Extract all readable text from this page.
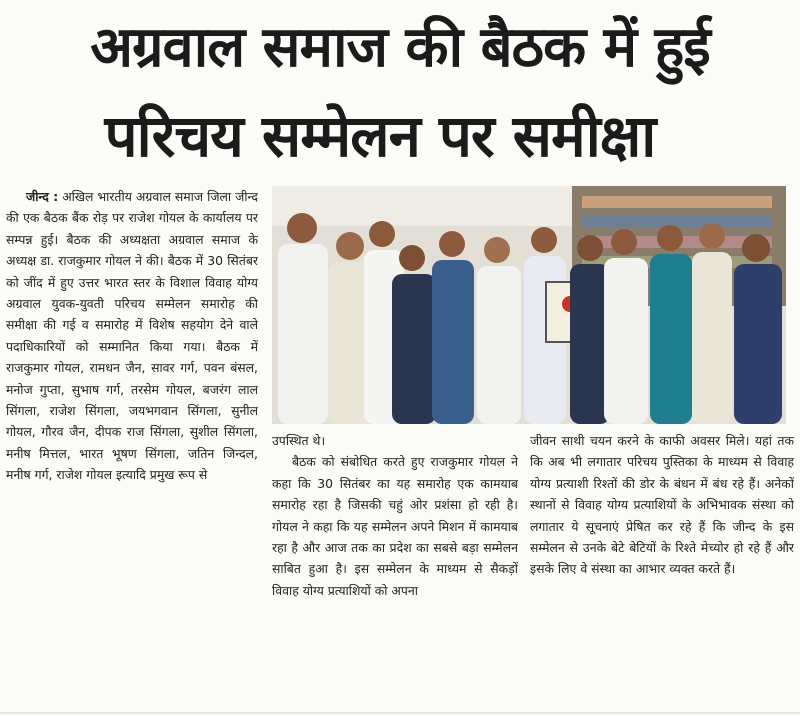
अग्रवाल समाज की बैठक में हुई
परिचय सम्मेलन पर समीक्षा

जीन्द : अखिल भारतीय अग्रवाल समाज जिला जीन्द की एक बैठक बैंक रोड़ पर राजेश गोयल के कार्यालय पर सम्पन्न हुई। बैठक की अध्यक्षता अग्रवाल समाज के अध्यक्ष डा. राजकुमार गोयल ने की। बैठक में 30 सितंबर को जींद में हुए उत्तर भारत स्तर के विशाल विवाह योग्य अग्रवाल युवक-युवती परिचय सम्मेलन समारोह की समीक्षा की गई व समारोह में विशेष सहयोग देने वाले पदाधिकारियों को सम्मानित किया गया। बैठक में राजकुमार गोयल, रामधन जैन, सावर गर्ग, पवन बंसल, मनोज गुप्ता, सुभाष गर्ग, तरसेम गोयल, बजरंग लाल सिंगला, राजेश सिंगला, जयभगवान सिंगला, सुनील गोयल, गौरव जैन, दीपक राज सिंगला, सुशील सिंगला, मनीष मित्तल, भारत भूषण सिंगला, जतिन जिन्दल, मनीष गर्ग, राजेश गोयल इत्यादि प्रमुख रूप से

उपस्थित थे।

बैठक को संबोधित करते हुए राजकुमार गोयल ने कहा कि 30 सितंबर का यह समारोह एक कामयाब समारोह रहा है जिसकी चहुं ओर प्रशंसा हो रही है। गोयल ने कहा कि यह सम्मेलन अपने मिशन में कामयाब रहा है और आज तक का प्रदेश का सबसे बड़ा सम्मेलन साबित हुआ है। इस सम्मेलन के माध्यम से सैकड़ों विवाह योग्य प्रत्याशियों को अपना

जीवन साथी चयन करने के काफी अवसर मिले। यहां तक कि अब भी लगातार परिचय पुस्तिका के माध्यम से विवाह योग्य प्रत्याशी रिश्तों की डोर के बंधन में बंध रहे हैं। अनेकों स्थानों से विवाह योग्य प्रत्याशियों के अभिभावक संस्था को लगातार ये सूचनाएं प्रेषित कर रहे हैं कि जीन्द के इस सम्मेलन से उनके बेटे बेटियों के रिश्ते मेच्योर हो रहे हैं और इसके लिए वे संस्था का आभार व्यक्त करते हैं।
